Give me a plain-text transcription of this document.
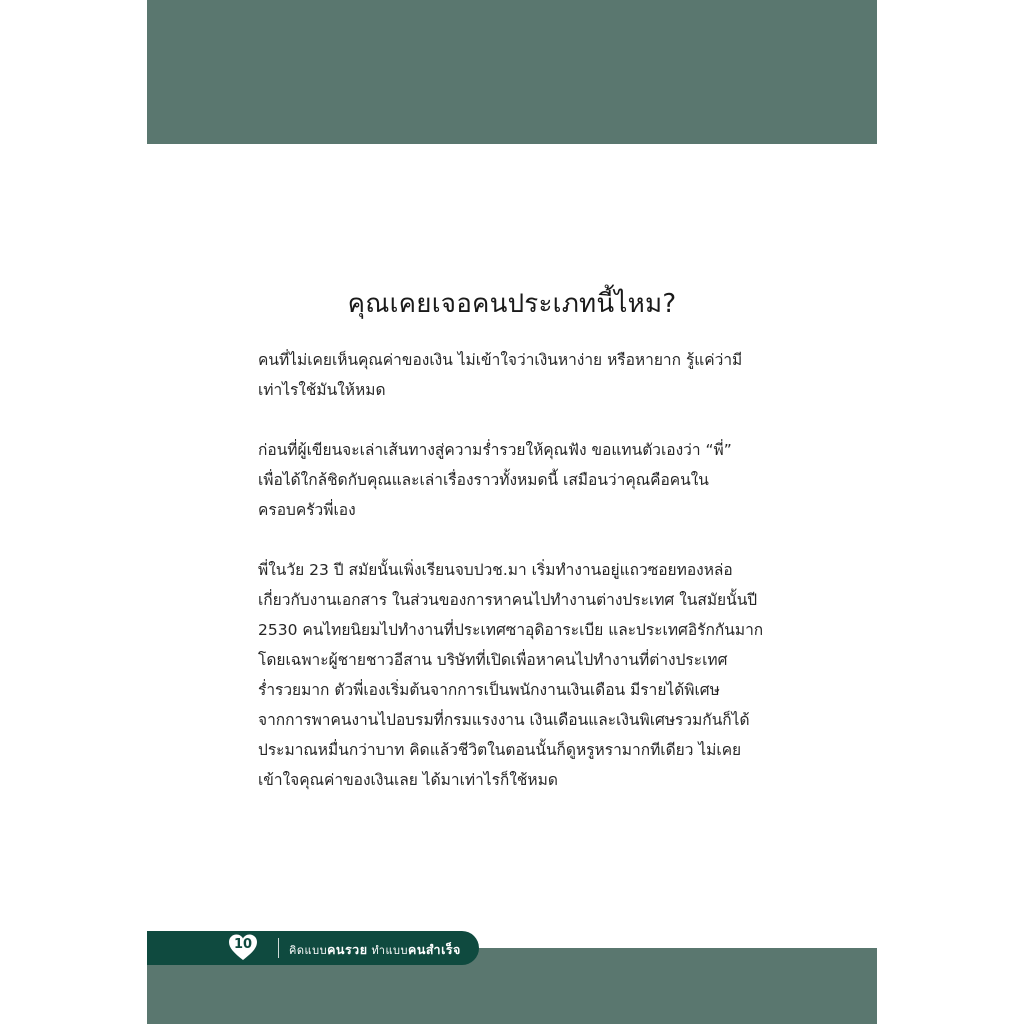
คุณเคยเจอคนประเภทนี้ไหม?

คนที่ไม่เคยเห็นคุณค่าของเงิน ไม่เข้าใจว่าเงินหาง่าย หรือหายาก รู้แค่ว่ามี
เท่าไรใช้มันให้หมด

ก่อนที่ผู้เขียนจะเล่าเส้นทางสู่ความร่ำรวยให้คุณฟัง ขอแทนตัวเองว่า “พี่”
เพื่อได้ใกล้ชิดกับคุณและเล่าเรื่องราวทั้งหมดนี้ เสมือนว่าคุณคือคนใน
ครอบครัวพี่เอง

พี่ในวัย 23 ปี สมัยนั้นเพิ่งเรียนจบปวช.มา เริ่มทำงานอยู่แถวซอยทองหล่อ
เกี่ยวกับงานเอกสาร ในส่วนของการหาคนไปทำงานต่างประเทศ ในสมัยนั้นปี
2530 คนไทยนิยมไปทำงานที่ประเทศซาอุดิอาระเบีย และประเทศอิรักกันมาก
โดยเฉพาะผู้ชายชาวอีสาน บริษัทที่เปิดเพื่อหาคนไปทำงานที่ต่างประเทศ
ร่ำรวยมาก ตัวพี่เองเริ่มต้นจากการเป็นพนักงานเงินเดือน มีรายได้พิเศษ
จากการพาคนงานไปอบรมที่กรมแรงงาน เงินเดือนและเงินพิเศษรวมกันก็ได้
ประมาณหมื่นกว่าบาท คิดแล้วชีวิตในตอนนั้นก็ดูหรูหรามากทีเดียว ไม่เคย
เข้าใจคุณค่าของเงินเลย ได้มาเท่าไรก็ใช้หมด

10	คิดแบบคนรวย ทำแบบคนสำเร็จ
